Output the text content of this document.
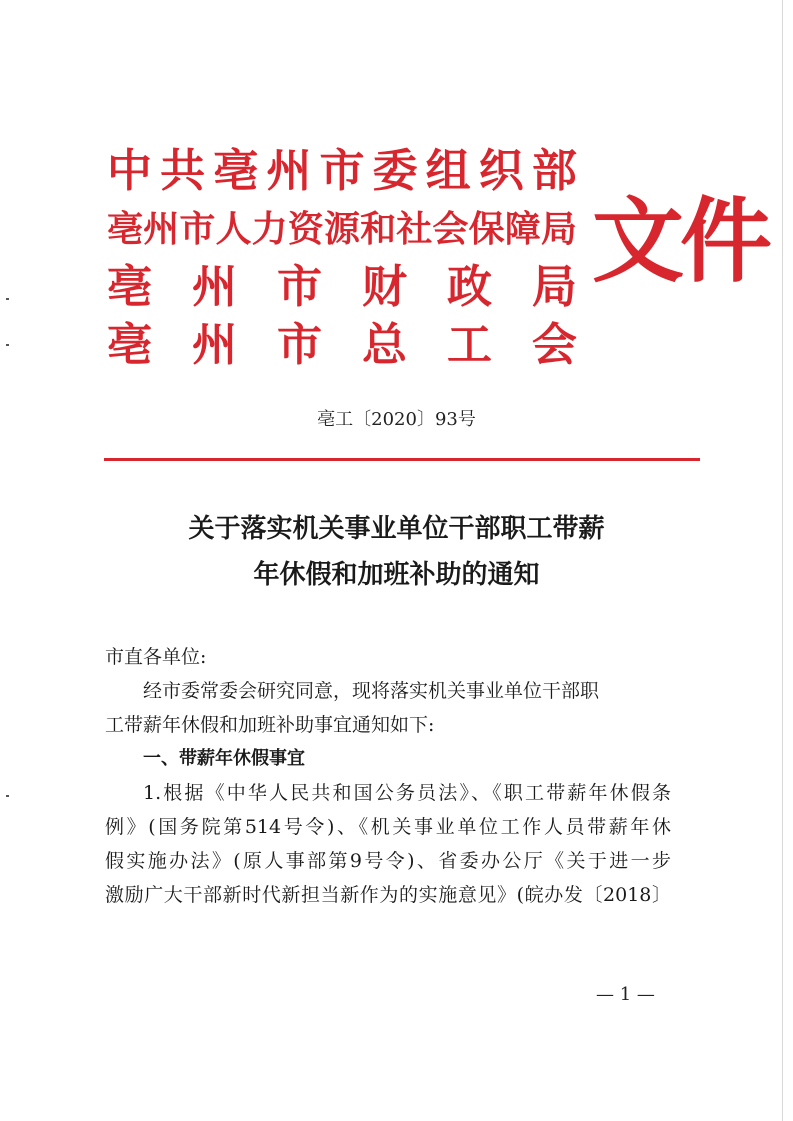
中 共 亳 州 市 委 组 织 部
亳 州 市 人 力 资 源 和 社 会 保 障 局
亳 州 市 财 政 局
亳 州 市 总 工 会
文件
亳工〔2020〕93号
关于落实机关事业单位干部职工带薪
年休假和加班补助的通知
市直各单位:
经市委常委会研究同意，现将落实机关事业单位干部职
工带薪年休假和加班补助事宜通知如下:
一、带薪年休假事宜
1.根据《中华人民共和国公务员法》、《职工带薪年休假条
例》(国务院第514号令)、《机关事业单位工作人员带薪年休
假实施办法》(原人事部第9号令)、省委办公厅《关于进一步
激励广大干部新时代新担当新作为的实施意见》(皖办发〔2018〕
— 1 —
